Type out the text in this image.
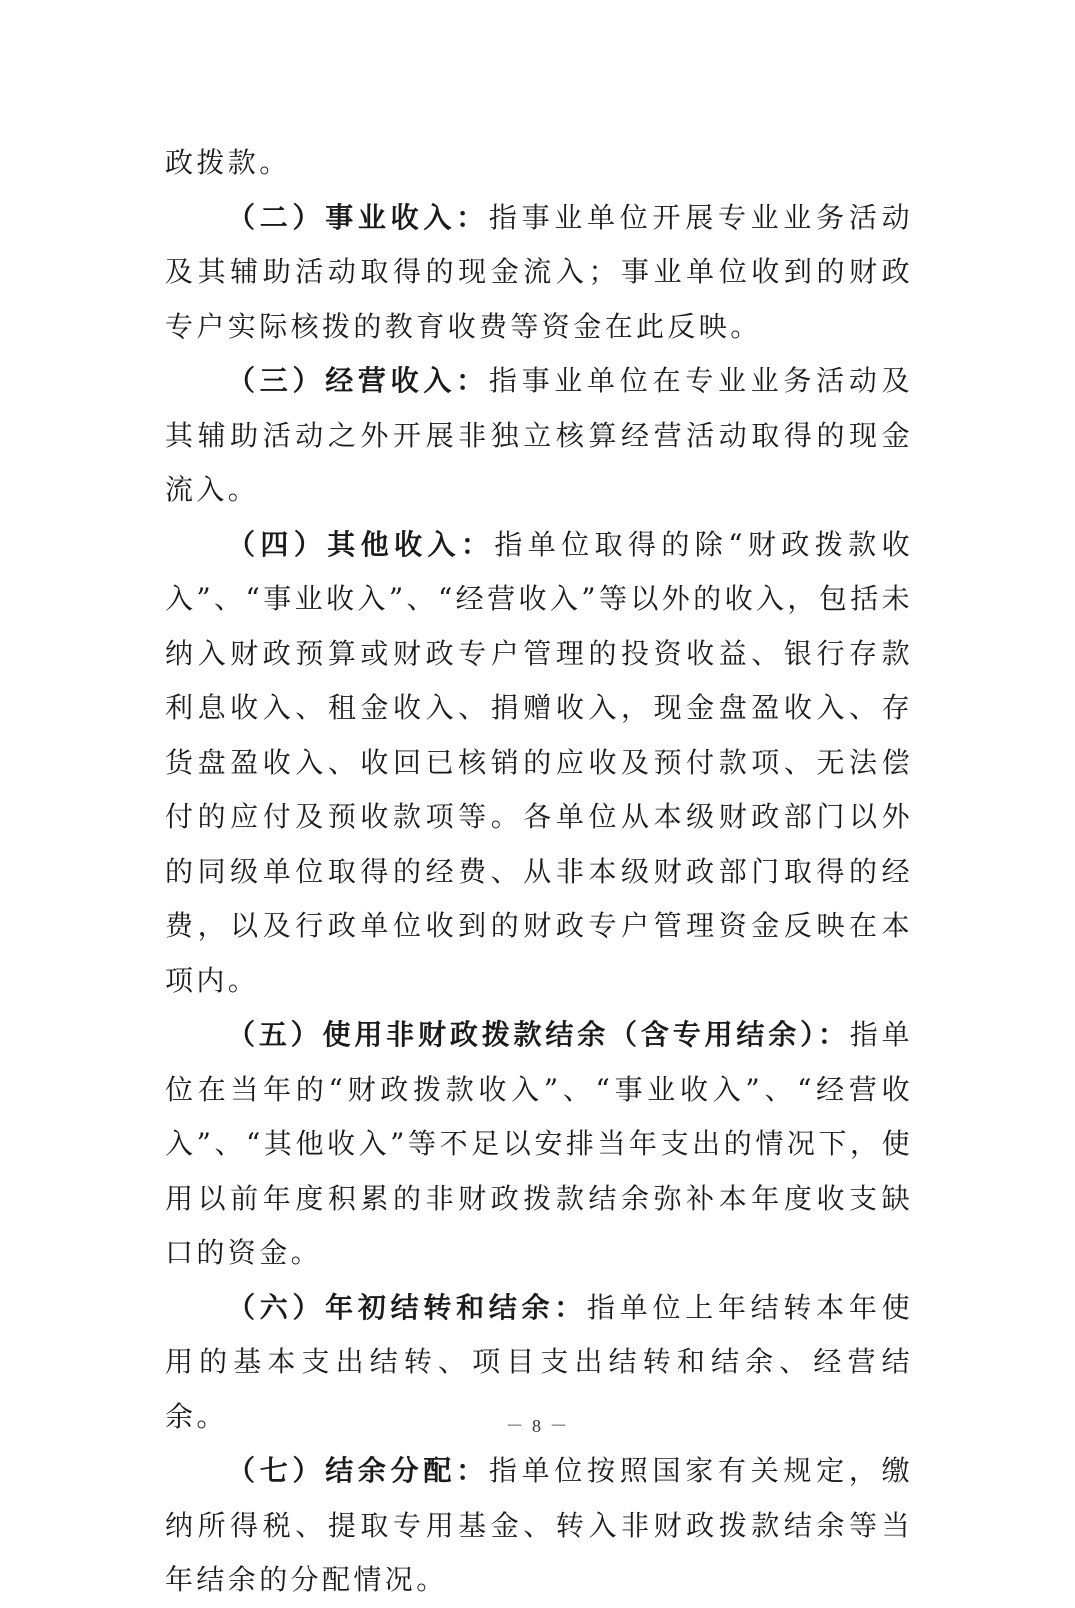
政拨款。

（二）事业收入：指事业单位开展专业业务活动及其辅助活动取得的现金流入；事业单位收到的财政专户实际核拨的教育收费等资金在此反映。

（三）经营收入：指事业单位在专业业务活动及其辅助活动之外开展非独立核算经营活动取得的现金流入。

（四）其他收入：指单位取得的除“财政拨款收入”、“事业收入”、“经营收入”等以外的收入，包括未纳入财政预算或财政专户管理的投资收益、银行存款利息收入、租金收入、捐赠收入，现金盘盈收入、存货盘盈收入、收回已核销的应收及预付款项、无法偿付的应付及预收款项等。各单位从本级财政部门以外的同级单位取得的经费、从非本级财政部门取得的经费，以及行政单位收到的财政专户管理资金反映在本项内。

（五）使用非财政拨款结余（含专用结余）：指单位在当年的“财政拨款收入”、“事业收入”、“经营收入”、“其他收入”等不足以安排当年支出的情况下，使用以前年度积累的非财政拨款结余弥补本年度收支缺口的资金。

（六）年初结转和结余：指单位上年结转本年使用的基本支出结转、项目支出结转和结余、经营结余。

（七）结余分配：指单位按照国家有关规定，缴纳所得税、提取专用基金、转入非财政拨款结余等当年结余的分配情况。

－ 8 －
